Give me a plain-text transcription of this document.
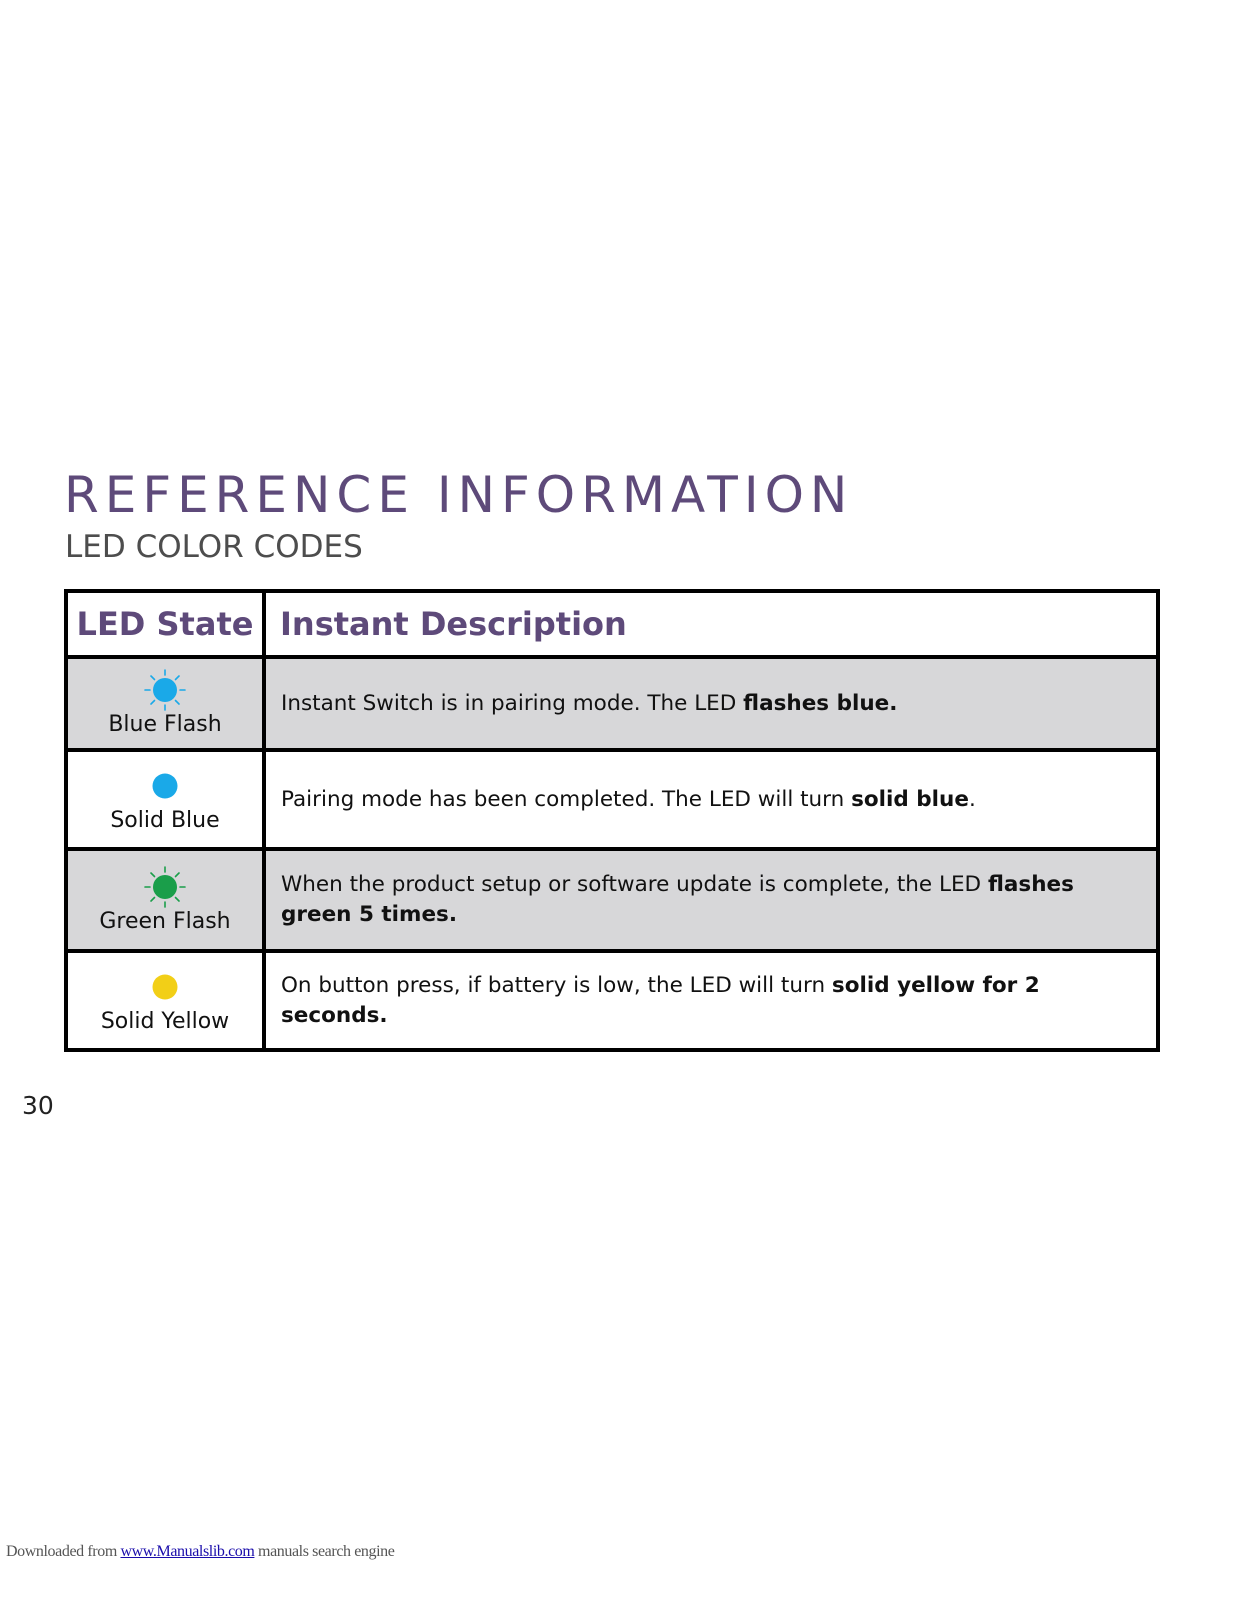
REFERENCE INFORMATION
LED COLOR CODES
LED State	Instant Description

Blue Flash	Instant Switch is in pairing mode. The LED flashes blue.

Solid Blue	Pairing mode has been completed. The LED will turn solid blue.

Green Flash	When the product setup or software update is complete, the LED flashes green 5 times.

Solid Yellow	On button press, if battery is low, the LED will turn solid yellow for 2 seconds.
30
Downloaded from www.Manualslib.com manuals search engine
